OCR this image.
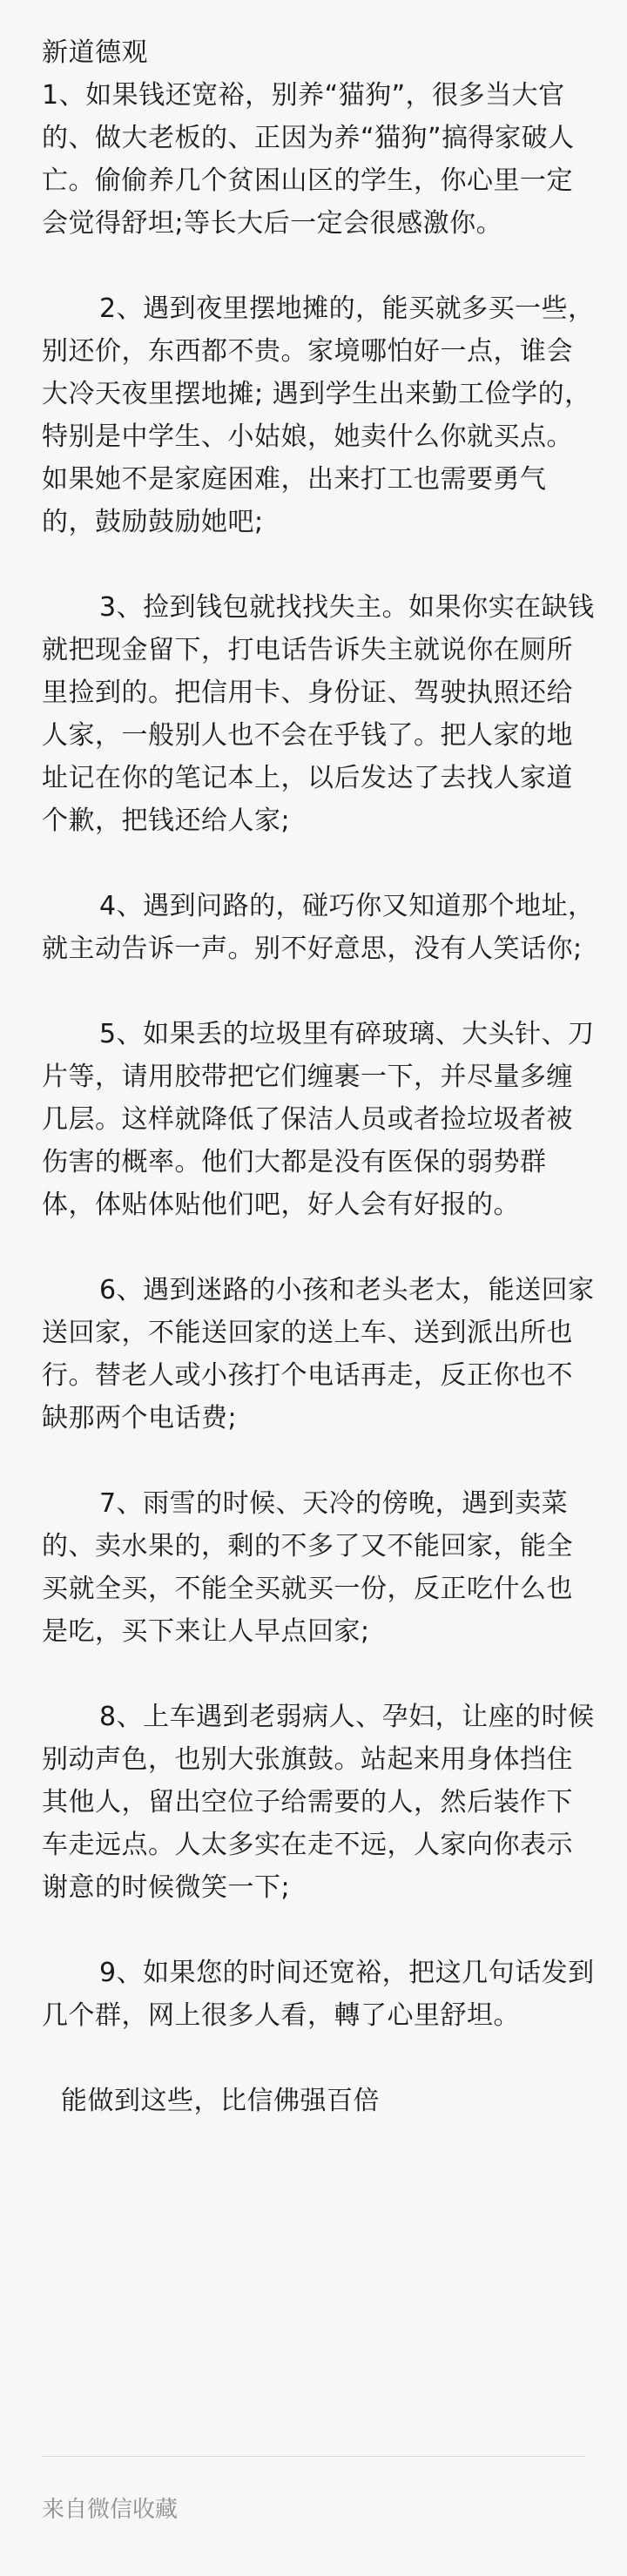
新道德观

1、如果钱还宽裕，别养“猫狗”，很多当大官的、做大老板的、正因为养“猫狗”搞得家破人亡。偷偷养几个贫困山区的学生，你心里一定会觉得舒坦;等长大后一定会很感激你。

2、遇到夜里摆地摊的，能买就多买一些，别还价，东西都不贵。家境哪怕好一点，谁会大冷天夜里摆地摊; 遇到学生出来勤工俭学的，特别是中学生、小姑娘，她卖什么你就买点。如果她不是家庭困难，出来打工也需要勇气的，鼓励鼓励她吧;

3、捡到钱包就找找失主。如果你实在缺钱就把现金留下，打电话告诉失主就说你在厕所里捡到的。把信用卡、身份证、驾驶执照还给人家，一般别人也不会在乎钱了。把人家的地址记在你的笔记本上，以后发达了去找人家道个歉，把钱还给人家;

4、遇到问路的，碰巧你又知道那个地址，就主动告诉一声。别不好意思，没有人笑话你;

5、如果丢的垃圾里有碎玻璃、大头针、刀片等，请用胶带把它们缠裹一下，并尽量多缠几层。这样就降低了保洁人员或者捡垃圾者被伤害的概率。他们大都是没有医保的弱势群体，体贴体贴他们吧，好人会有好报的。

6、遇到迷路的小孩和老头老太，能送回家送回家，不能送回家的送上车、送到派出所也行。替老人或小孩打个电话再走，反正你也不缺那两个电话费;

7、雨雪的时候、天冷的傍晚，遇到卖菜的、卖水果的，剩的不多了又不能回家，能全买就全买，不能全买就买一份，反正吃什么也是吃，买下来让人早点回家;

8、上车遇到老弱病人、孕妇，让座的时候别动声色，也别大张旗鼓。站起来用身体挡住其他人，留出空位子给需要的人，然后装作下车走远点。人太多实在走不远，人家向你表示谢意的时候微笑一下;

9、如果您的时间还宽裕，把这几句话发到几个群，网上很多人看，轉了心里舒坦。

能做到这些，比信佛强百倍

来自微信收藏
